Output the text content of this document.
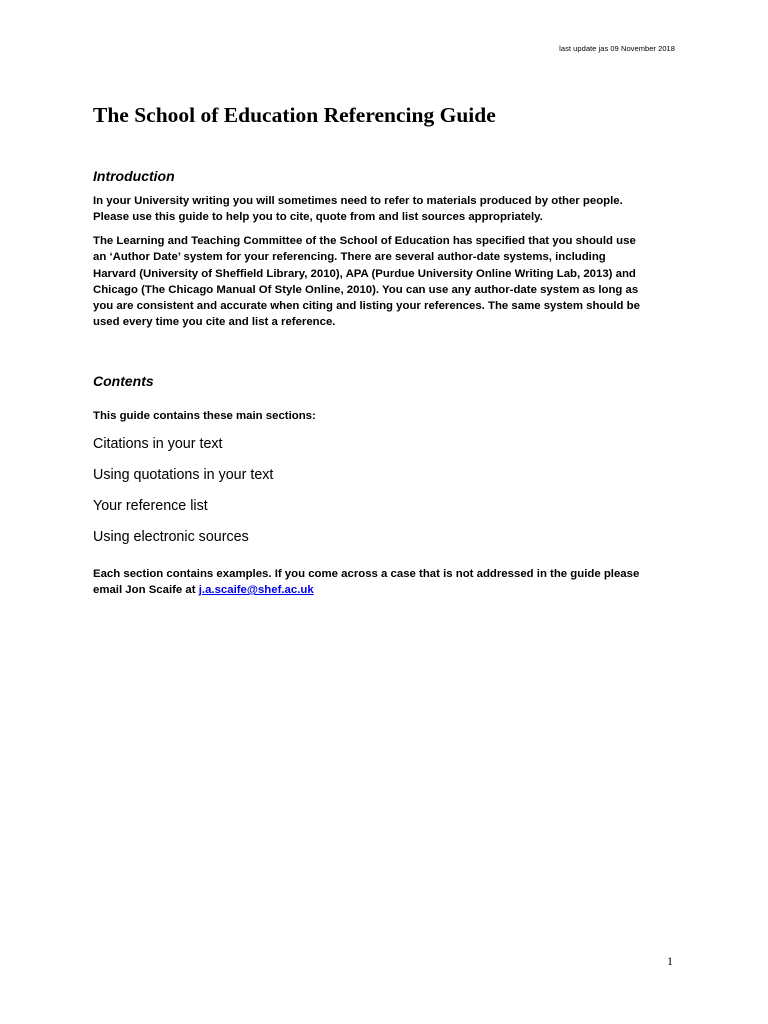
last update jas 09 November 2018
The School of Education Referencing Guide
Introduction

In your University writing you will sometimes need to refer to materials produced by other people.
Please use this guide to help you to cite, quote from and list sources appropriately.

The Learning and Teaching Committee of the School of Education has specified that you should use
an ‘Author Date’ system for your referencing. There are several author-date systems, including
Harvard (University of Sheffield Library, 2010), APA (Purdue University Online Writing Lab, 2013) and
Chicago (The Chicago Manual Of Style Online, 2010). You can use any author-date system as long as
you are consistent and accurate when citing and listing your references. The same system should be
used every time you cite and list a reference.

Contents

This guide contains these main sections:

Citations in your text
Using quotations in your text
Your reference list
Using electronic sources

Each section contains examples. If you come across a case that is not addressed in the guide please
email Jon Scaife at j.a.scaife@shef.ac.uk

1
